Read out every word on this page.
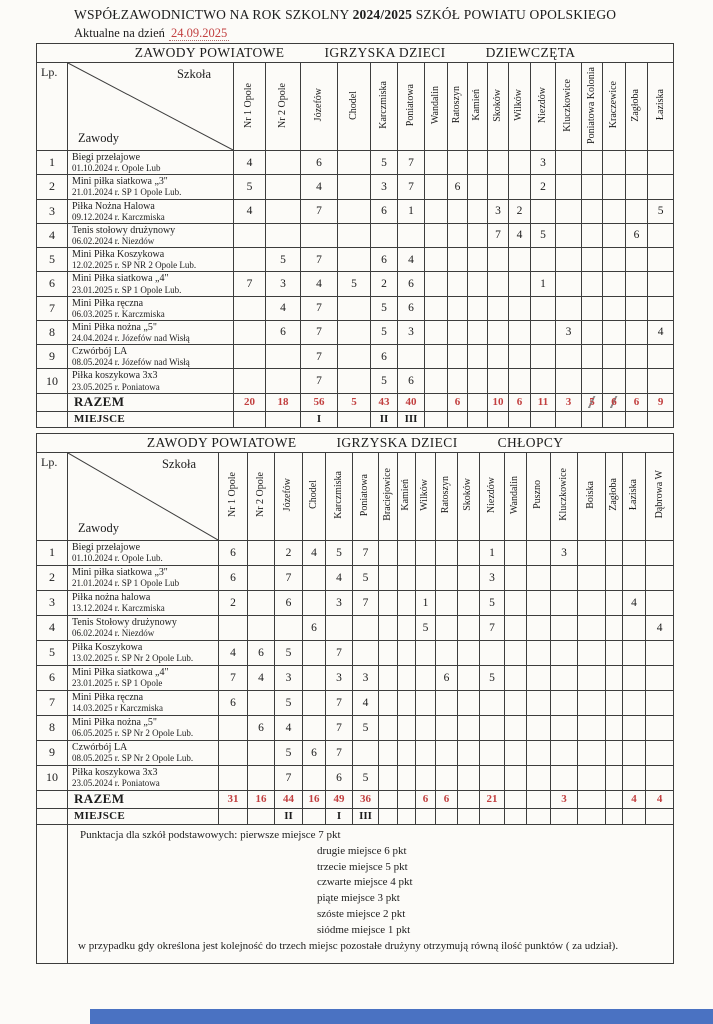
WSPÓŁZAWODNICTWO NA ROK SZKOLNY 2024/2025 SZKÓŁ POWIATU OPOLSKIEGO
Aktualne na dzień 24.09.2025
ZAWODY POWIATOWE IGRZYSKA DZIECI DZIEWCZĘTA																		

Lp.	Szkoła
Zawody	Nr 1 Opole	Nr 2 Opole	Józefów	Chodel	Karczmiska	Poniatowa	Wandalin	Ratoszyn	Kamień	Skoków	Wilków	Niezdów	Kluczkowice	Poniatowa Kolonia	Kraczewice	Zagłoba	Łaziska
1	Biegi przełajowe
01.10.2024 r. Opole Lub	4		6		5	7						3					
2	Mini piłka siatkowa „3''
21.01.2024 r. SP 1 Opole Lub.	5		4		3	7		6				2					
3	Piłka Nożna Halowa
09.12.2024 r. Karczmiska	4		7		6	1				3	2						5
4	Tenis stołowy drużynowy
06.02.2024 r. Niezdów										7	4	5				6	
5	Mini Piłka Koszykowa
12.02.2025 r. SP NR 2 Opole Lub.		5	7		6	4											
6	Mini Piłka siatkowa „4"
23.01.2025 r. SP 1 Opole Lub.	7	3	4	5	2	6						1					
7	Mini Piłka ręczna
06.03.2025 r. Karczmiska		4	7		5	6											
8	Mini Piłka nożna „5"
24.04.2024 r. Józefów nad Wisłą		6	7		5	3							3				4
9	Czwórbój LA
08.05.2024 r. Józefów nad Wisłą			7		6												
10	Piłka koszykowa 3x3
23.05.2025 r. Poniatowa			7		5	6											
	RAZEM	20	18	56	5	43	40		6		10	6	11	3	5	6	6	9
	MIEJSCE			I		II	III											
ZAWODY POWIATOWE IGRZYSKA DZIECI CHŁOPCY																				

Lp.	Szkoła
Zawody	Nr 1 Opole	Nr 2 Opole	Józefów	Chodel	Karczmiska	Poniatowa	Braciejowice	Kamień	Wilków	Ratoszyn	Skoków	Niezdów	Wandalin	Puszno	Kluczkowice	Boiska	Zagłoba	Łaziska	Dąbrowa W
1	Biegi przełajowe
01.10.2024 r. Opole Lub.	6		2	4	5	7						1			3				
2	Mini piłka siatkowa „3''
21.01.2024 r. SP 1 Opole Lub	6		7		4	5						3							
3	Piłka nożna halowa
13.12.2024 r. Karczmiska	2		6		3	7			1			5						4	
4	Tenis Stołowy drużynowy
06.02.2024 r. Niezdów				6					5			7							4
5	Piłka Koszykowa
13.02.2025 r. SP Nr 2 Opole Lub.	4	6	5		7														
6	Mini Piłka siatkowa „4"
23.01.2025 r. SP 1 Opole	7	4	3		3	3				6		5							
7	Mini Piłka ręczna
14.03.2025 r Karczmiska	6		5		7	4													
8	Mini Piłka nożna „5"
06.05.2025 r. SP Nr 2 Opole Lub.		6	4		7	5													
9	Czwórbój LA
08.05.2025 r. SP Nr 2 Opole Lub.			5	6	7														
10	Piłka koszykowa 3x3
23.05.2024 r. Poniatowa			7		6	5													
	RAZEM	31	16	44	16	49	36			6	6		21			3			4	4
	MIEJSCE			II		I	III													

Punktacja dla szkół podstawowych: pierwsze miejsce 7 pkt
drugie miejsce 6 pkt
trzecie miejsce 5 pkt
czwarte miejsce 4 pkt
piąte miejsce 3 pkt
szóste miejsce 2 pkt
siódme miejsce 1 pkt
w przypadku gdy określona jest kolejność do trzech miejsc pozostałe drużyny otrzymują równą ilość punktów ( za udział).
